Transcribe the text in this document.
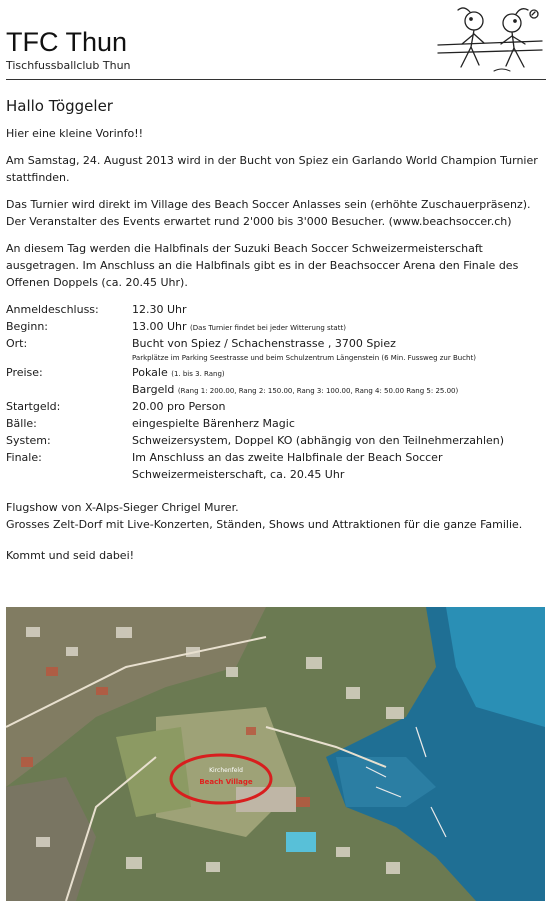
TFC Thun
Tischfussballclub Thun
Hallo Töggeler

Hier eine kleine Vorinfo!!

Am Samstag, 24. August 2013 wird in der Bucht von Spiez ein Garlando World Champion Turnier stattfinden.

Das Turnier wird direkt im Village des Beach Soccer Anlasses sein (erhöhte Zuschauerpräsenz). Der Veranstalter des Events erwartet rund 2'000 bis 3'000 Besucher. (www.beachsoccer.ch)

An diesem Tag werden die Halbfinals der Suzuki Beach Soccer Schweizermeisterschaft ausgetragen. Im Anschluss an die Halbfinals gibt es in der Beachsoccer Arena den Finale des Offenen Doppels (ca. 20.45 Uhr).

Anmeldeschluss:	12.30 Uhr
Beginn:	13.00 Uhr (Das Turnier findet bei jeder Witterung statt)
Ort:	Bucht von Spiez / Schachenstrasse , 3700 Spiez
Parkplätze im Parking Seestrasse und beim Schulzentrum Längenstein (6 Min. Fussweg zur Bucht)

Preise:	Pokale (1. bis 3. Rang)
Bargeld (Rang 1: 200.00, Rang 2: 150.00, Rang 3: 100.00, Rang 4: 50.00 Rang 5: 25.00)

Startgeld:	20.00 pro Person
Bälle:	eingespielte Bärenherz Magic
System:	Schweizersystem, Doppel KO (abhängig von den Teilnehmerzahlen)
Finale:	Im Anschluss an das zweite Halbfinale der Beach Soccer
Schweizermeisterschaft, ca. 20.45 Uhr

Flugshow von X-Alps-Sieger Chrigel Murer.

Grosses Zelt-Dorf mit Live-Konzerten, Ständen, Shows und Attraktionen für die ganze Familie.

Kommt und seid dabei!
Kirchenfeld
Beach Village
